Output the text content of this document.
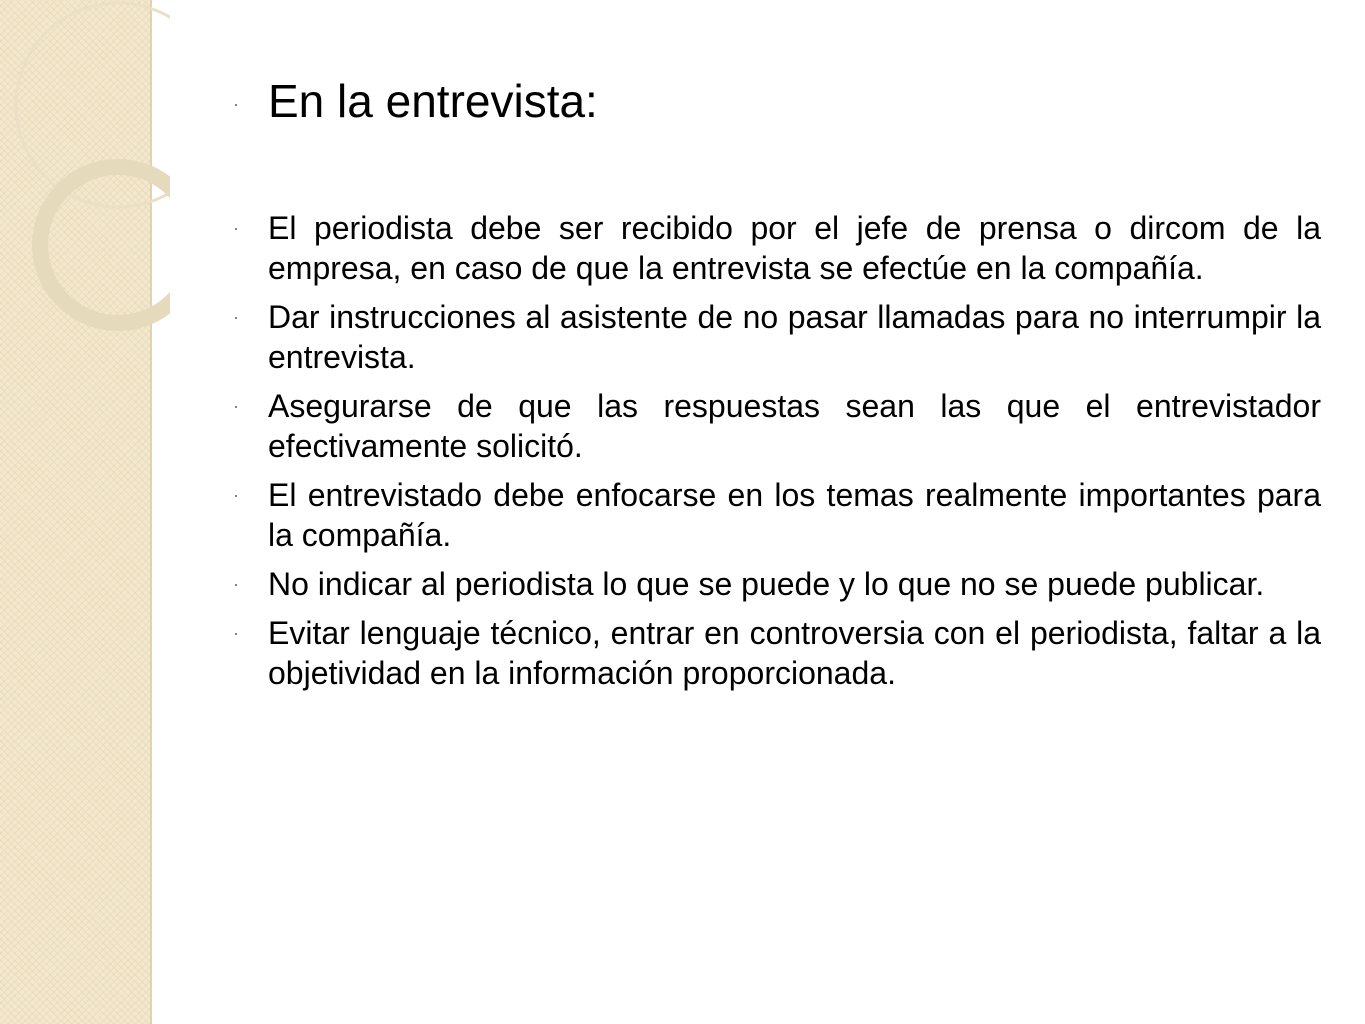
· En la entrevista:
· El periodista debe ser recibido por el jefe de prensa o dircom de la empresa, en caso de que la entrevista se efectúe en la compañía.
· Dar instrucciones al asistente de no pasar llamadas para no interrumpir la entrevista.
· Asegurarse de que las respuestas sean las que el entrevistador efectivamente solicitó.
· El entrevistado debe enfocarse en los temas realmente importantes para la compañía.
· No indicar al periodista lo que se puede y lo que no se puede publicar.
· Evitar lenguaje técnico, entrar en controversia con el periodista, faltar a la objetividad en la información proporcionada.
